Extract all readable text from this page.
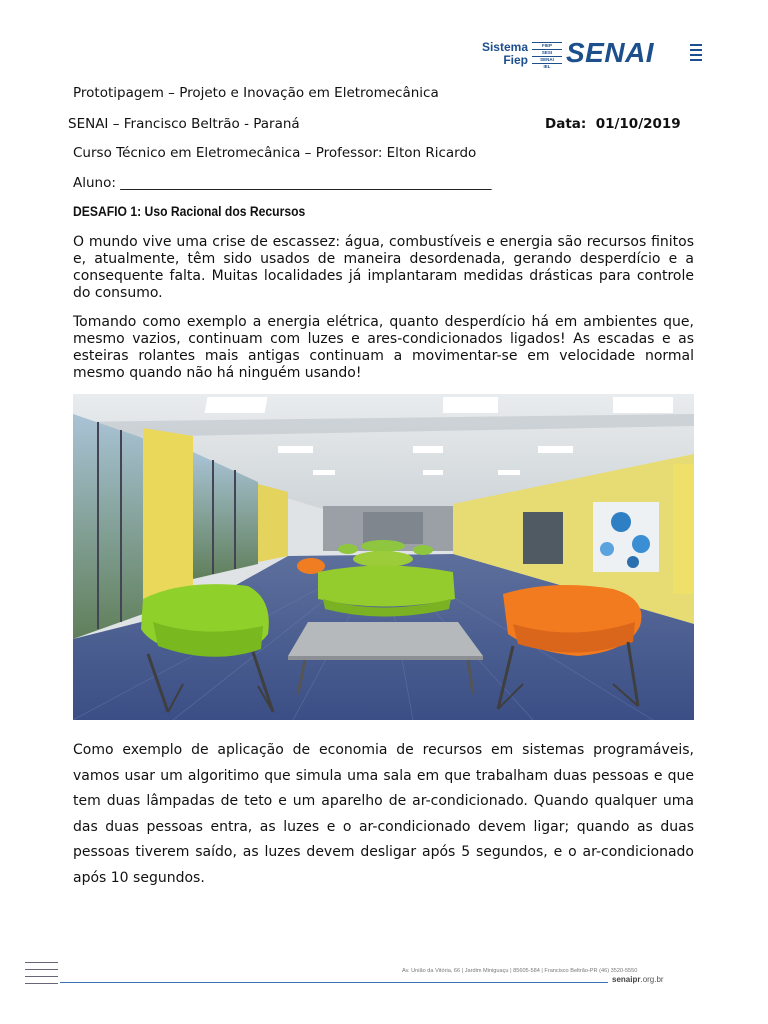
Sistema
Fiep
FIEP
SESI
SENAI
IEL SENAI
Prototipagem – Projeto e Inovação em Eletromecânica
SENAI – Francisco Beltrão - Paraná	Data: 01/10/2019
Curso Técnico em Eletromecânica – Professor: Elton Ricardo
Aluno: _______________________________________________________
DESAFIO 1: Uso Racional dos Recursos
O mundo vive uma crise de escassez: água, combustíveis e energia são recursos finitos e, atualmente, têm sido usados de maneira desordenada, gerando desperdício e a consequente falta. Muitas localidades já implantaram medidas drásticas para controle do consumo.
Tomando como exemplo a energia elétrica, quanto desperdício há em ambientes que, mesmo vazios, continuam com luzes e ares-condicionados ligados! As escadas e as esteiras rolantes mais antigas continuam a movimentar-se em velocidade normal mesmo quando não há ninguém usando!
Como exemplo de aplicação de economia de recursos em sistemas programáveis, vamos usar um algoritimo que simula uma sala em que trabalham duas pessoas e que tem duas lâmpadas de teto e um aparelho de ar-condicionado. Quando qualquer uma das duas pessoas entra, as luzes e o ar-condicionado devem ligar; quando as duas pessoas tiverem saído, as luzes devem desligar após 5 segundos, e o ar-condicionado após 10 segundos.
Av. União da Vitória, 66 | Jardim Miniguaçu | 85605-584 | Francisco Beltrão-PR (46) 3520-5550
senaipr.org.br
